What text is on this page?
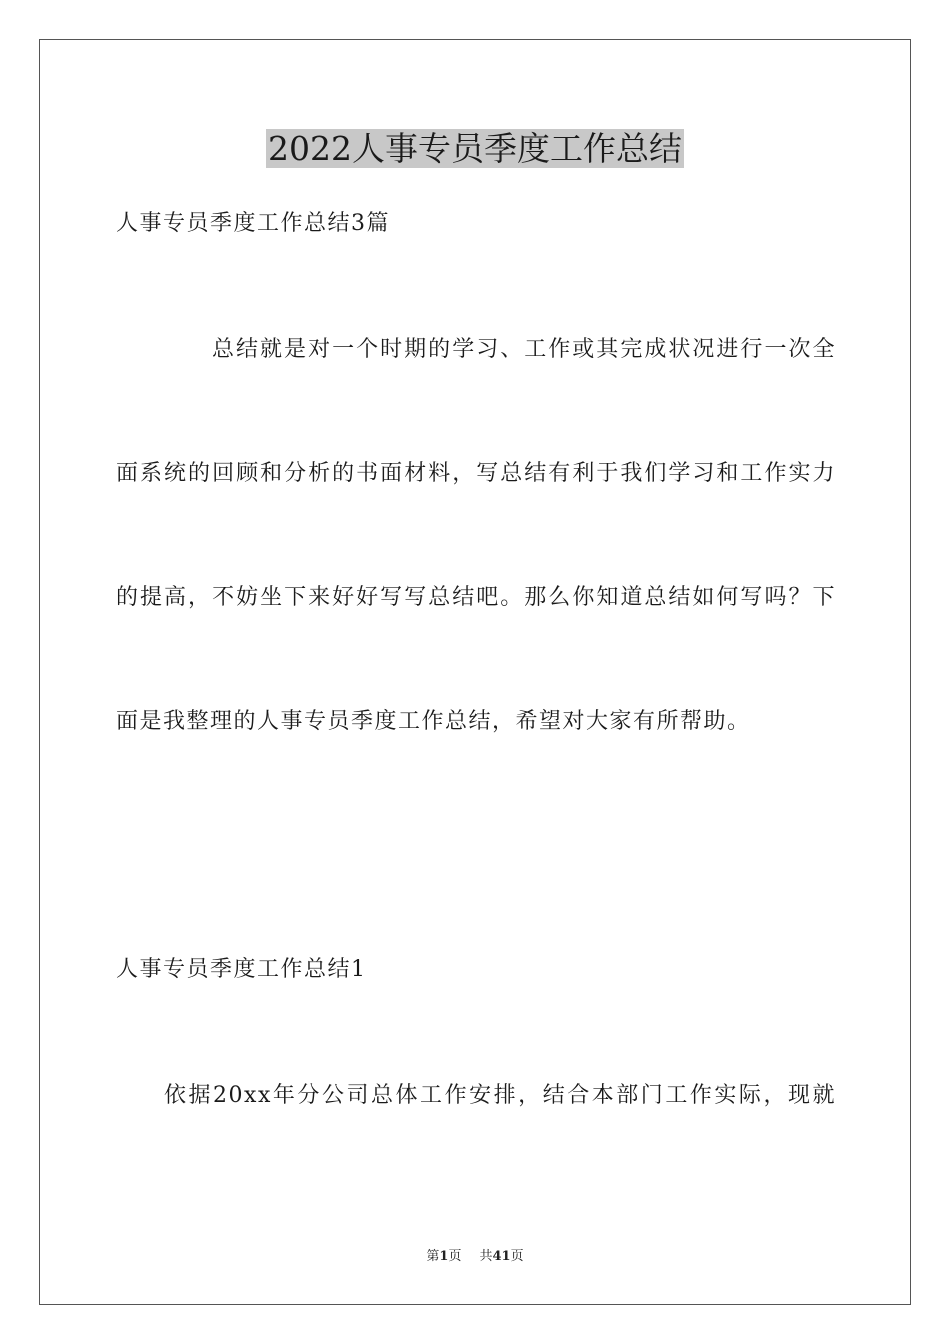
2022人事专员季度工作总结

人事专员季度工作总结3篇

总结就是对一个时期的学习、工作或其完成状况进行一次全

面系统的回顾和分析的书面材料，写总结有利于我们学习和工作实力

的提高，不妨坐下来好好写写总结吧。那么你知道总结如何写吗？下

面是我整理的人事专员季度工作总结，希望对大家有所帮助。

人事专员季度工作总结1

依据20xx年分公司总体工作安排，结合本部门工作实际，现就

第1页 共41页
